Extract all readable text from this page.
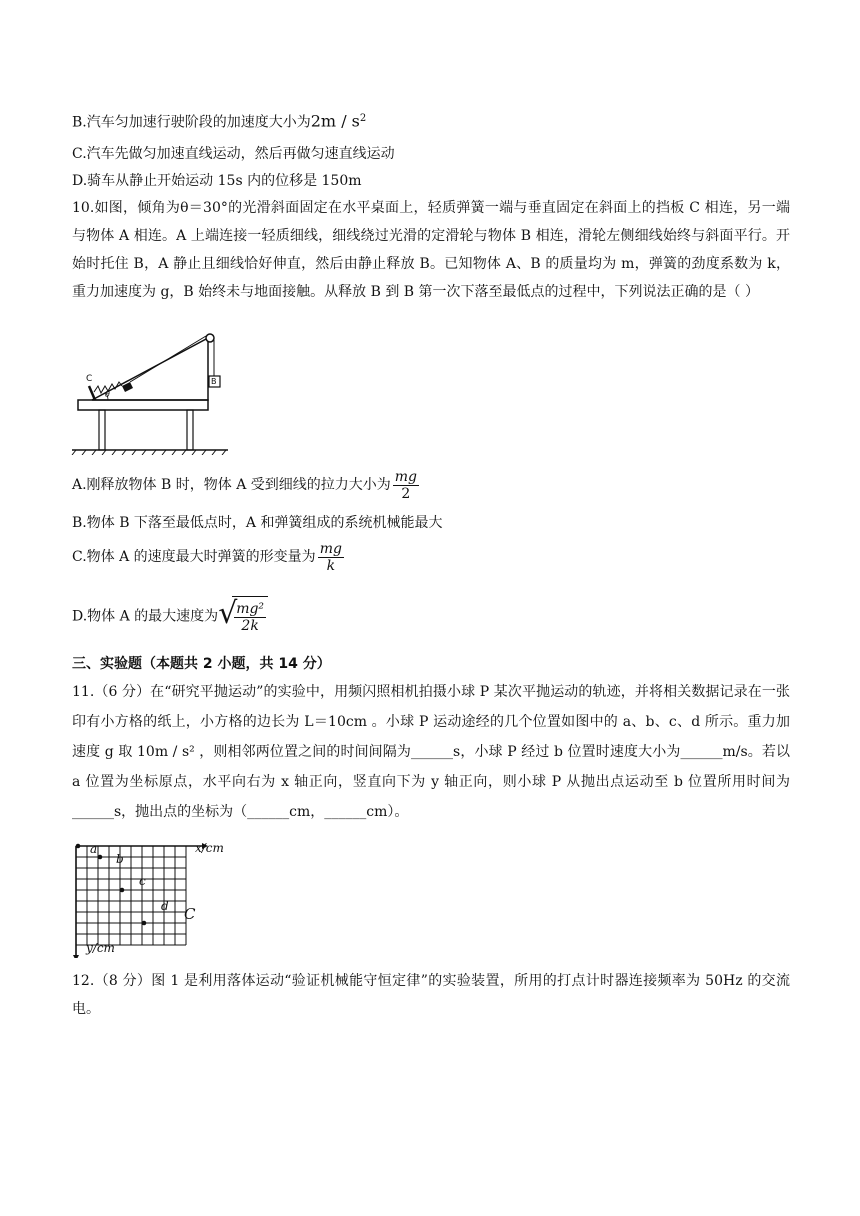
B.汽车匀加速行驶阶段的加速度大小为$2m / s^2$
C.汽车先做匀加速直线运动，然后再做匀速直线运动
D.骑车从静止开始运动 15s 内的位移是 150m
10.如图，倾角为θ＝30°的光滑斜面固定在水平桌面上，轻质弹簧一端与垂直固定在斜面上的挡板 C 相连，另一端与物体 A 相连。A 上端连接一轻质细线，细线绕过光滑的定滑轮与物体 B 相连，滑轮左侧细线始终与斜面平行。开始时托住 B，A 静止且细线恰好伸直，然后由静止释放 B。已知物体 A、B 的质量均为 m，弹簧的劲度系数为 k，重力加速度为 g，B 始终未与地面接触。从释放 B 到 B 第一次下落至最低点的过程中，下列说法正确的是（ ）
C	B
θ
A.刚释放物体 B 时，物体 A 受到细线的拉力大小为 $\frac{mg}{2}$
B.物体 B 下落至最低点时，A 和弹簧组成的系统机械能最大
C.物体 A 的速度最大时弹簧的形变量为 $\frac{mg}{k}$
D.物体 A 的最大速度为 √
$\frac{\text{mg²}}{2k}$
三、实验题（本题共 2 小题，共 14 分）
11.（6 分）在“研究平抛运动”的实验中，用频闪照相机拍摄小球 P 某次平抛运动的轨迹，并将相关数据记录在一张印有小方格的纸上，小方格的边长为 L＝10cm 。小球 P 运动途经的几个位置如图中的 a、b、c、d 所示。重力加速度 g 取 10m / s² ，则相邻两位置之间的时间间隔为______s，小球 P 经过 b 位置时速度大小为______m/s。若以 a 位置为坐标原点，水平向右为 x 轴正向，竖直向下为 y 轴正向，则小球 P 从抛出点运动至 b 位置所用时间为______s，抛出点的坐标为（______cm，______cm）。
x/cm
y/cm
a
b
c
d C
12.（8 分）图 1 是利用落体运动“验证机械能守恒定律”的实验装置，所用的打点计时器连接频率为 50Hz 的交流电。
